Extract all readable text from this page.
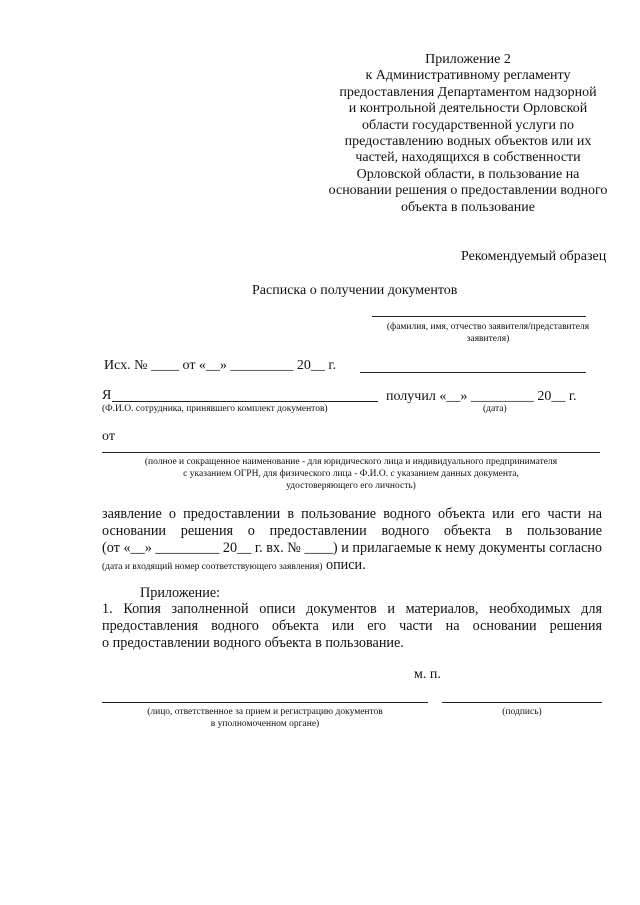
Приложение 2
к Административному регламенту
предоставления Департаментом надзорной
и контрольной деятельности Орловской
области государственной услуги по
предоставлению водных объектов или их
частей, находящихся в собственности
Орловской области, в пользование на
основании решения о предоставлении водного
объекта в пользование
Рекомендуемый образец
Расписка о получении документов
(фамилия, имя, отчество заявителя/представителя
заявителя)
Исх. № ____ от «__» _________ 20__ г.
Я	получил «__» _________ 20__ г.
(Ф.И.О. сотрудника, принявшего комплект документов)	(дата)
от
(полное и сокращенное наименование - для юридического лица и индивидуального предпринимателя
с указанием ОГРН, для физического лица - Ф.И.О. с указанием данных документа,
удостоверяющего его личность)
заявление о предоставлении в пользование водного объекта или его части на
основании решения о предоставлении водного объекта в пользование
(от «__» _________ 20__ г. вх. № ____) и прилагаемые к нему документы согласно
(дата и входящий номер соответствующего заявления) описи.
Приложение:
1. Копия заполненной описи документов и материалов, необходимых для
предоставления водного объекта или его части на основании решения
о предоставлении водного объекта в пользование.
м. п.
(лицо, ответственное за прием и регистрацию документов
в уполномоченном органе)
(подпись)
